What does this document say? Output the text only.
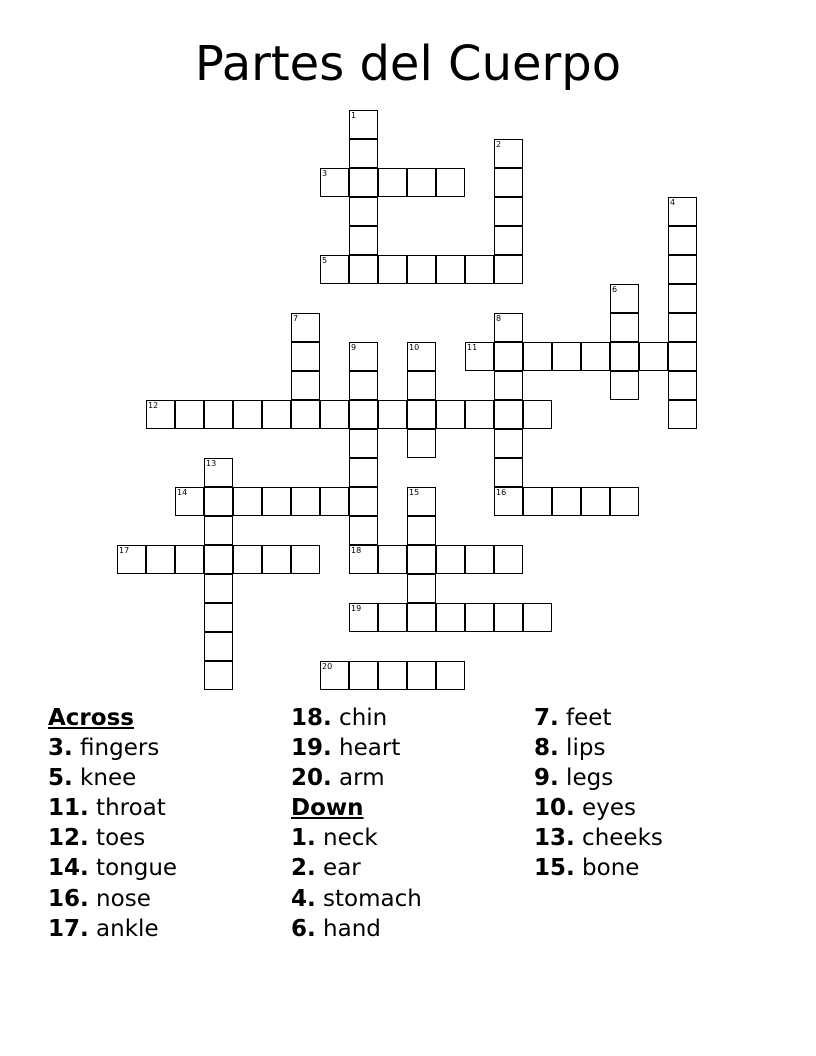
Partes del Cuerpo
1
2
3
4
5
6
7	8
9	10	11
12
13
14	15	16
17	18
19
20
Across
3. fingers
5. knee
11. throat
12. toes
14. tongue
16. nose
17. ankle
18. chin
19. heart
20. arm
Down
1. neck
2. ear
4. stomach
6. hand
7. feet
8. lips
9. legs
10. eyes
13. cheeks
15. bone
